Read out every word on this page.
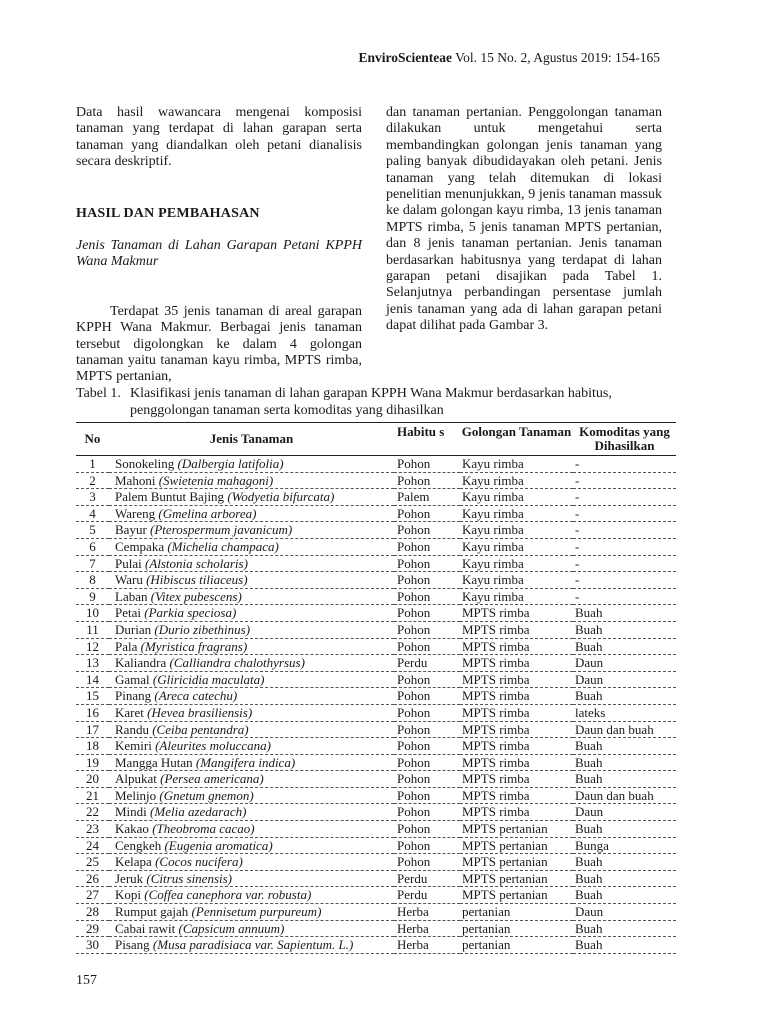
EnviroScienteae Vol. 15 No. 2, Agustus 2019: 154-165

Data hasil wawancara mengenai komposisi tanaman yang terdapat di lahan garapan serta tanaman yang diandalkan oleh petani dianalisis secara deskriptif.

HASIL DAN PEMBAHASAN
Jenis Tanaman di Lahan Garapan Petani KPPH Wana Makmur

Terdapat 35 jenis tanaman di areal garapan KPPH Wana Makmur. Berbagai jenis tanaman tersebut digolongkan ke dalam 4 golongan tanaman yaitu tanaman kayu rimba, MPTS rimba, MPTS pertanian,

dan tanaman pertanian. Penggolongan tanaman dilakukan untuk mengetahui serta membandingkan golongan jenis tanaman yang paling banyak dibudidayakan oleh petani. Jenis tanaman yang telah ditemukan di lokasi penelitian menunjukkan, 9 jenis tanaman massuk ke dalam golongan kayu rimba, 13 jenis tanaman MPTS rimba, 5 jenis tanaman MPTS pertanian, dan 8 jenis tanaman pertanian. Jenis tanaman berdasarkan habitusnya yang terdapat di lahan garapan petani disajikan pada Tabel 1. Selanjutnya perbandingan persentase jumlah jenis tanaman yang ada di lahan garapan petani dapat dilihat pada Gambar 3.

Tabel 1. Klasifikasi jenis tanaman di lahan garapan KPPH Wana Makmur berdasarkan habitus,
penggolongan tanaman serta komoditas yang dihasilkan
No	Jenis Tanaman	Habitu s	Golongan Tanaman	Komoditas yang Dihasilkan
1	Sonokeling (Dalbergia latifolia)	Pohon	Kayu rimba	-
2	Mahoni (Swietenia mahagoni)	Pohon	Kayu rimba	-
3	Palem Buntut Bajing (Wodyetia bifurcata)	Palem	Kayu rimba	-
4	Wareng (Gmelina arborea)	Pohon	Kayu rimba	-
5	Bayur (Pterospermum javanicum)	Pohon	Kayu rimba	-
6	Cempaka (Michelia champaca)	Pohon	Kayu rimba	-
7	Pulai (Alstonia scholaris)	Pohon	Kayu rimba	-
8	Waru (Hibiscus tiliaceus)	Pohon	Kayu rimba	-
9	Laban (Vitex pubescens)	Pohon	Kayu rimba	-
10	Petai (Parkia speciosa)	Pohon	MPTS rimba	Buah
11	Durian (Durio zibethinus)	Pohon	MPTS rimba	Buah
12	Pala (Myristica fragrans)	Pohon	MPTS rimba	Buah
13	Kaliandra (Calliandra chalothyrsus)	Perdu	MPTS rimba	Daun
14	Gamal (Gliricidia maculata)	Pohon	MPTS rimba	Daun
15	Pinang (Areca catechu)	Pohon	MPTS rimba	Buah
16	Karet (Hevea brasiliensis)	Pohon	MPTS rimba	lateks
17	Randu (Ceiba pentandra)	Pohon	MPTS rimba	Daun dan buah
18	Kemiri (Aleurites moluccana)	Pohon	MPTS rimba	Buah
19	Mangga Hutan (Mangifera indica)	Pohon	MPTS rimba	Buah
20	Alpukat (Persea americana)	Pohon	MPTS rimba	Buah
21	Melinjo (Gnetum gnemon)	Pohon	MPTS rimba	Daun dan buah
22	Mindi (Melia azedarach)	Pohon	MPTS rimba	Daun
23	Kakao (Theobroma cacao)	Pohon	MPTS pertanian	Buah
24	Cengkeh (Eugenia aromatica)	Pohon	MPTS pertanian	Bunga
25	Kelapa (Cocos nucifera)	Pohon	MPTS pertanian	Buah
26	Jeruk (Citrus sinensis)	Perdu	MPTS pertanian	Buah
27	Kopi (Coffea canephora var. robusta)	Perdu	MPTS pertanian	Buah
28	Rumput gajah (Pennisetum purpureum)	Herba	pertanian	Daun
29	Cabai rawit (Capsicum annuum)	Herba	pertanian	Buah
30	Pisang (Musa paradisiaca var. Sapientum. L.)	Herba	pertanian	Buah
157
